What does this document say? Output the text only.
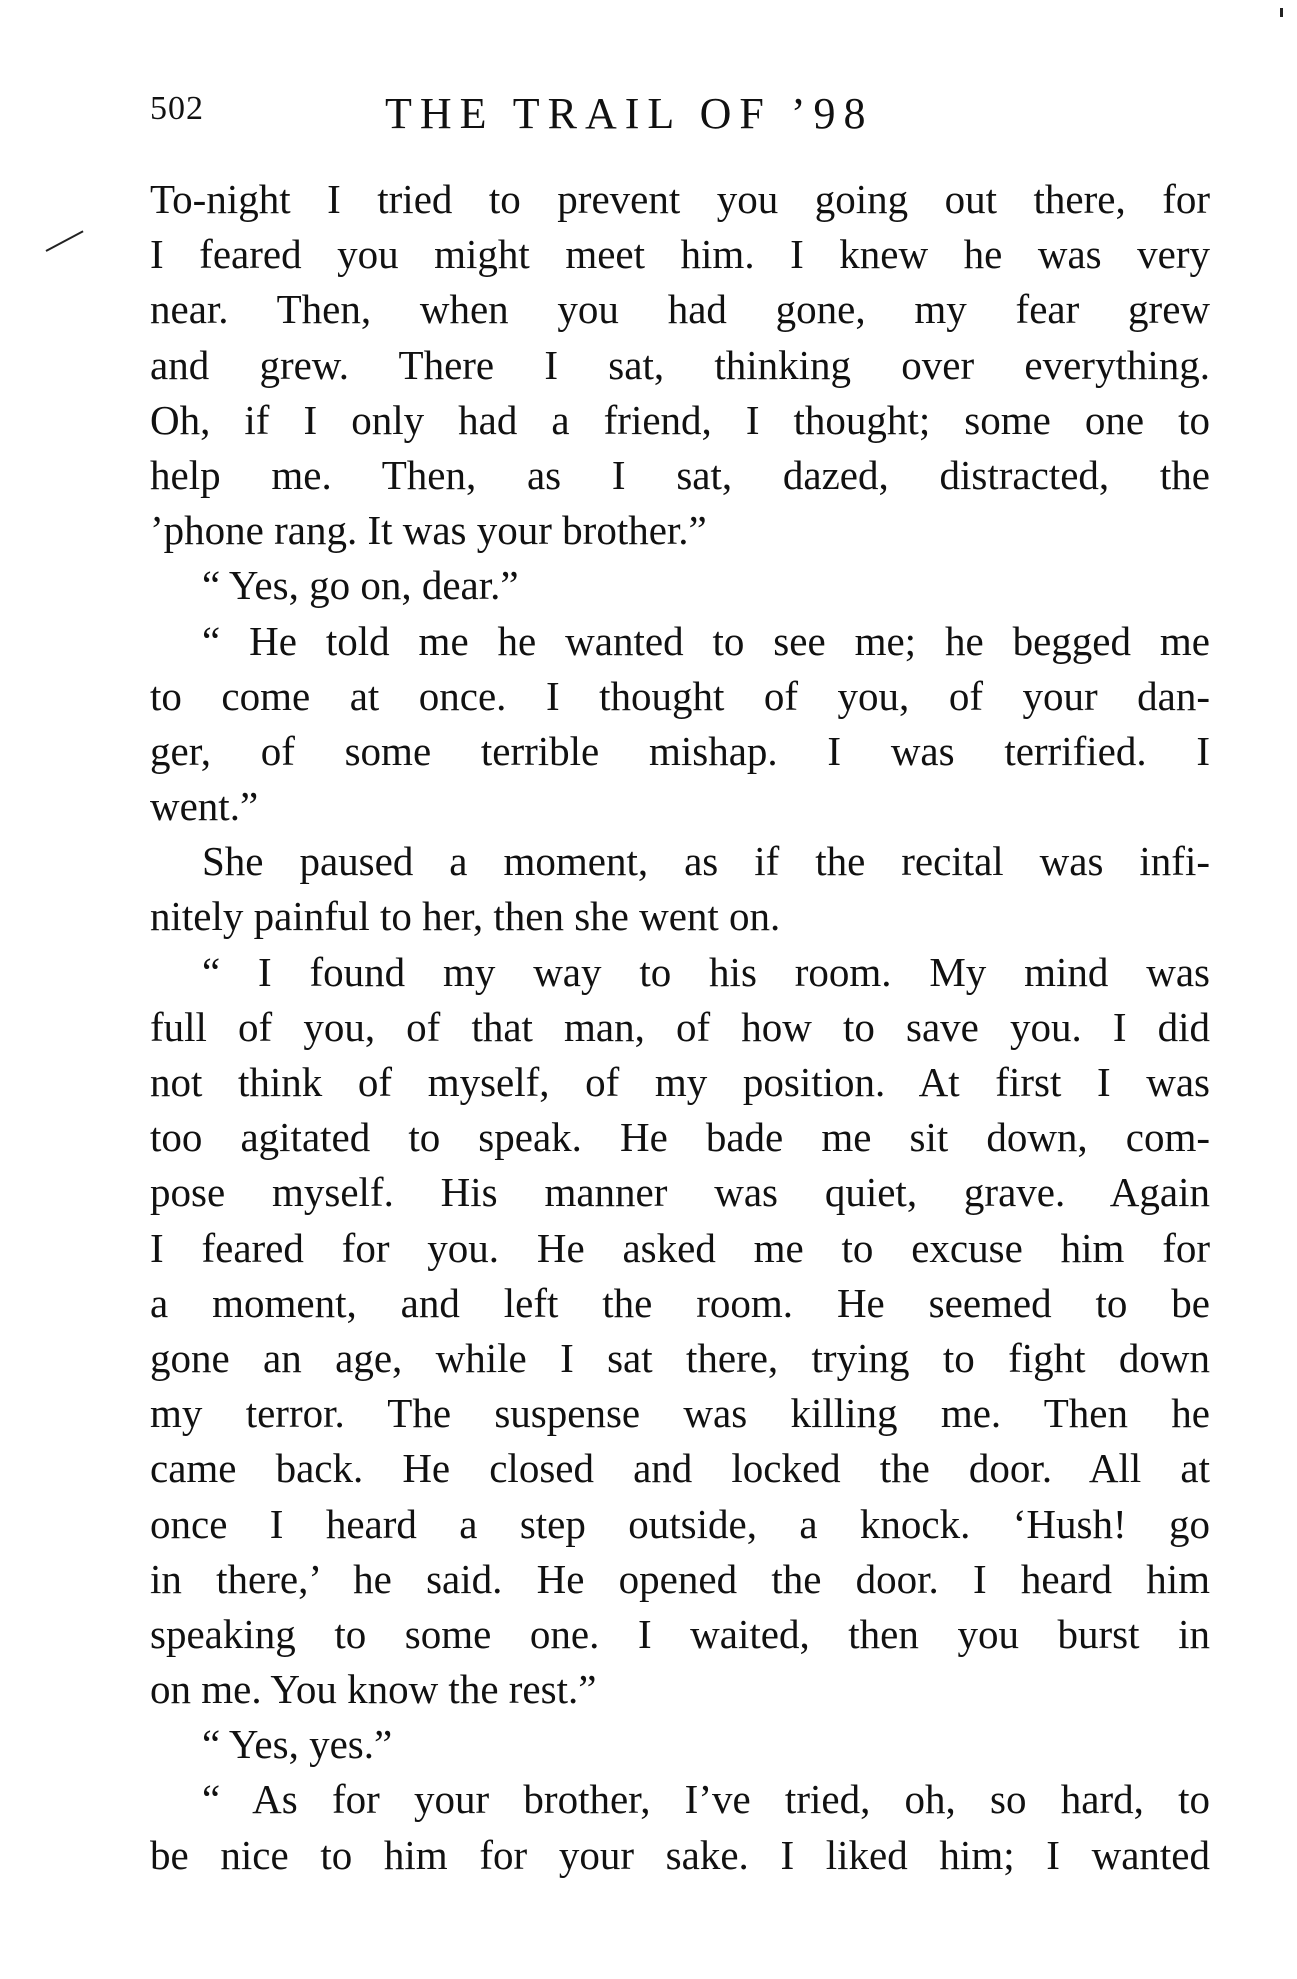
502	THE TRAIL OF ’98
To-night I tried to prevent you going out there, for
I feared you might meet him. I knew he was very
near. Then, when you had gone, my fear grew
and grew. There I sat, thinking over everything.
Oh, if I only had a friend, I thought; some one to
help me. Then, as I sat, dazed, distracted, the
’phone rang. It was your brother.”
“ Yes, go on, dear.”
“ He told me he wanted to see me; he begged me
to come at once. I thought of you, of your dan-
ger, of some terrible mishap. I was terrified. I
went.”
She paused a moment, as if the recital was infi-
nitely painful to her, then she went on.
“ I found my way to his room. My mind was
full of you, of that man, of how to save you. I did
not think of myself, of my position. At first I was
too agitated to speak. He bade me sit down, com-
pose myself. His manner was quiet, grave. Again
I feared for you. He asked me to excuse him for
a moment, and left the room. He seemed to be
gone an age, while I sat there, trying to fight down
my terror. The suspense was killing me. Then he
came back. He closed and locked the door. All at
once I heard a step outside, a knock. ‘Hush! go
in there,’ he said. He opened the door. I heard him
speaking to some one. I waited, then you burst in
on me. You know the rest.”
“ Yes, yes.”
“ As for your brother, I’ve tried, oh, so hard, to
be nice to him for your sake. I liked him; I wanted
